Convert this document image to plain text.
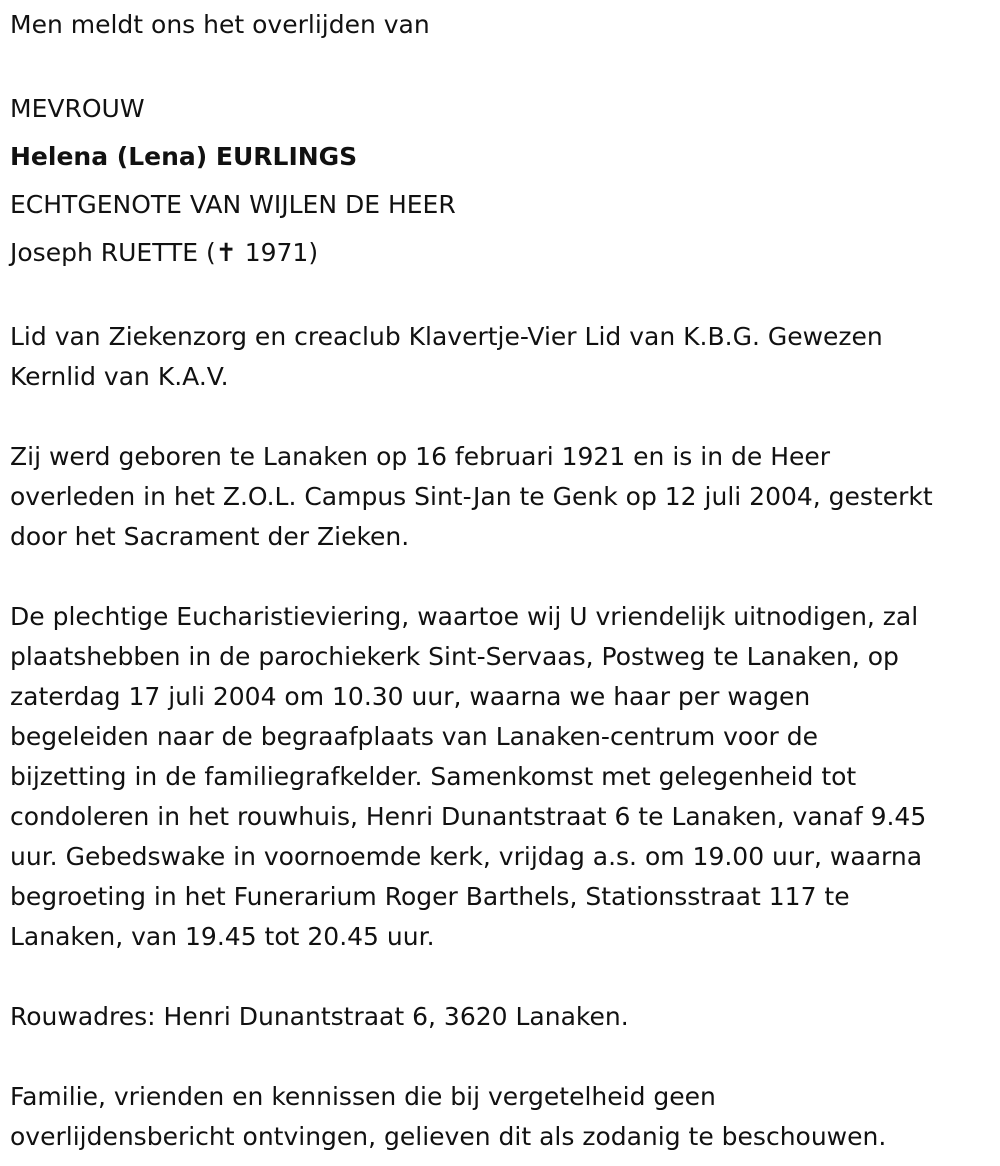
Men meldt ons het overlijden van

MEVROUW

Helena (Lena) EURLINGS

ECHTGENOTE VAN WIJLEN DE HEER

Joseph RUETTE (✝ 1971)

Lid van Ziekenzorg en creaclub Klavertje-Vier Lid van K.B.G. Gewezen

Kernlid van K.A.V.

Zij werd geboren te Lanaken op 16 februari 1921 en is in de Heer

overleden in het Z.O.L. Campus Sint-Jan te Genk op 12 juli 2004, gesterkt

door het Sacrament der Zieken.

De plechtige Eucharistieviering, waartoe wij U vriendelijk uitnodigen, zal

plaatshebben in de parochiekerk Sint-Servaas, Postweg te Lanaken, op

zaterdag 17 juli 2004 om 10.30 uur, waarna we haar per wagen

begeleiden naar de begraafplaats van Lanaken-centrum voor de

bijzetting in de familiegrafkelder. Samenkomst met gelegenheid tot

condoleren in het rouwhuis, Henri Dunantstraat 6 te Lanaken, vanaf 9.45

uur. Gebedswake in voornoemde kerk, vrijdag a.s. om 19.00 uur, waarna

begroeting in het Funerarium Roger Barthels, Stationsstraat 117 te

Lanaken, van 19.45 tot 20.45 uur.

Rouwadres: Henri Dunantstraat 6, 3620 Lanaken.

Familie, vrienden en kennissen die bij vergetelheid geen

overlijdensbericht ontvingen, gelieven dit als zodanig te beschouwen.
